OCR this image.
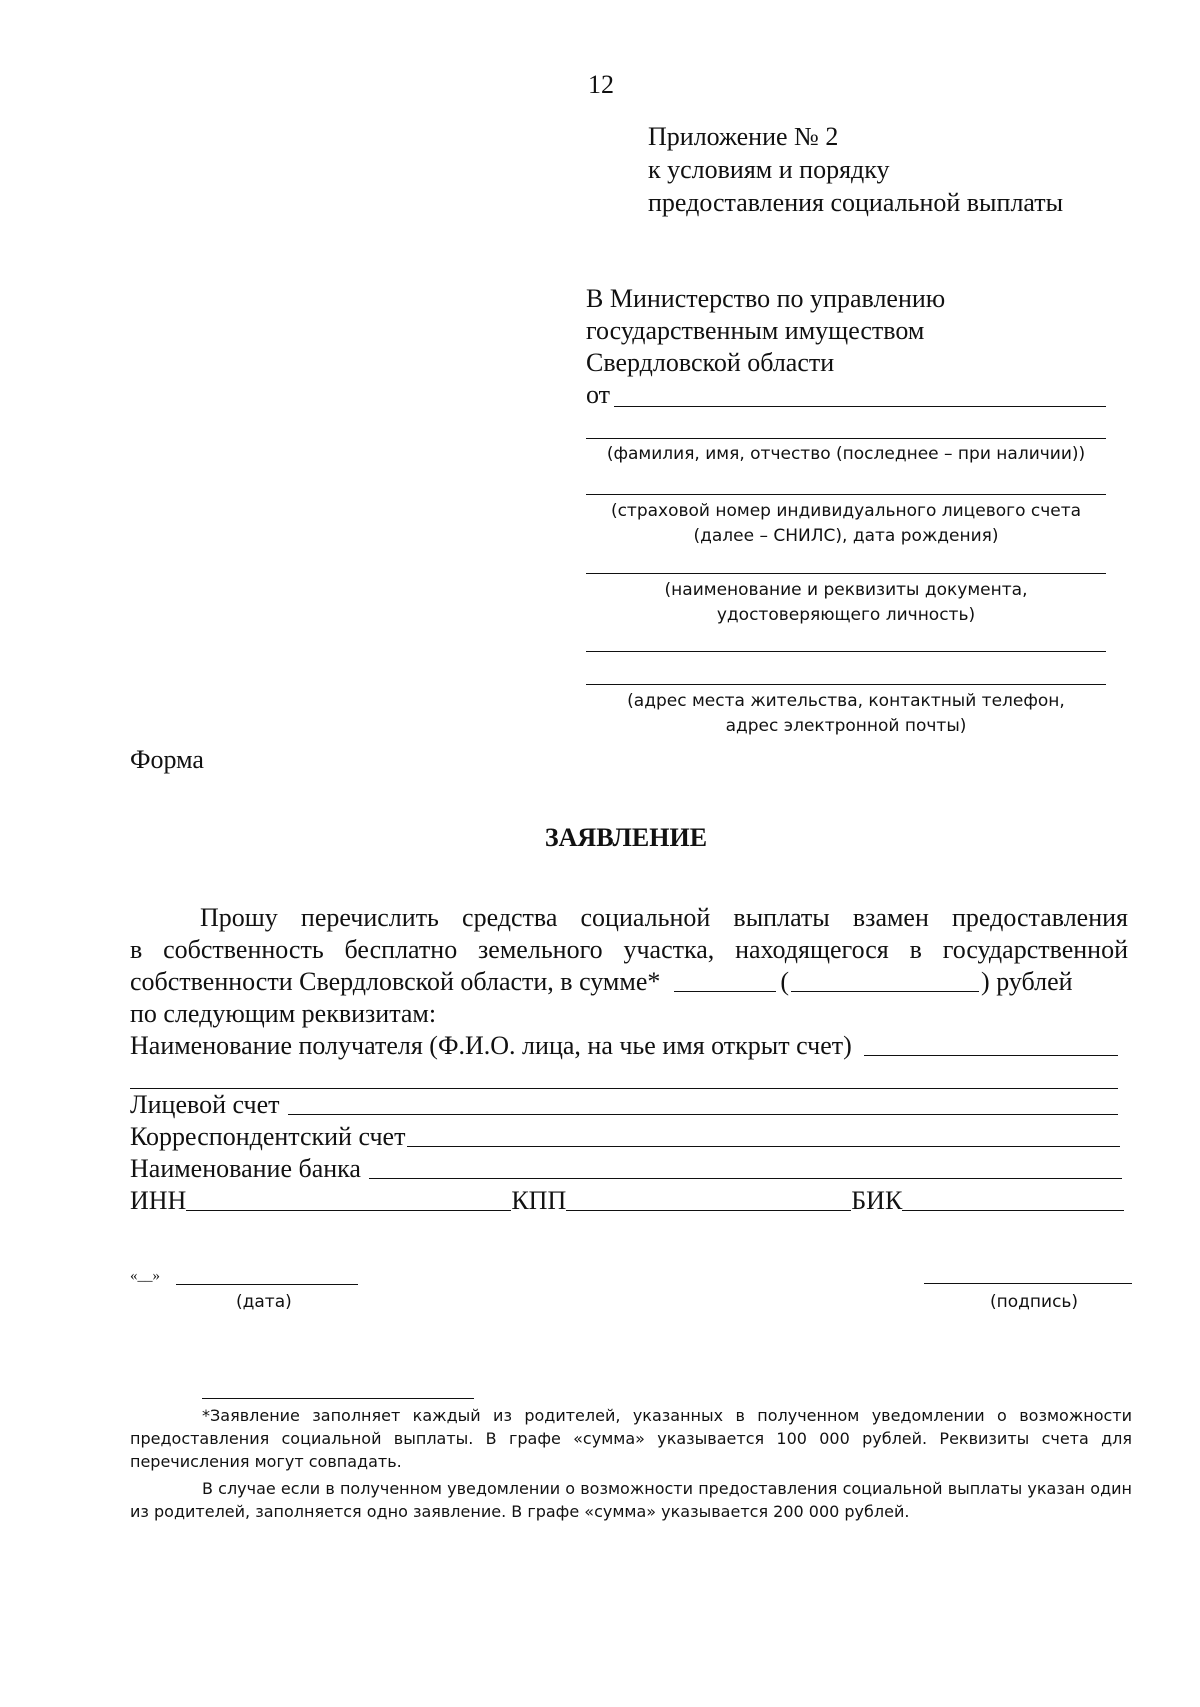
12
Приложение № 2
к условиям и порядку
предоставления социальной выплаты
В Министерство по управлению
государственным имуществом
Свердловской области
от
(фамилия, имя, отчество (последнее – при наличии))
(страховой номер индивидуального лицевого счета
(далее – СНИЛС), дата рождения)
(наименование и реквизиты документа,
удостоверяющего личность)
(адрес места жительства, контактный телефон,
адрес электронной почты)
Форма
ЗАЯВЛЕНИЕ
Прошу перечислить средства социальной выплаты взамен предоставления
в собственность бесплатно земельного участка, находящегося в государственной
собственности Свердловской области, в сумме*	(	) рублей
по следующим реквизитам:
Наименование получателя (Ф.И.О. лица, на чье имя открыт счет)
Лицевой счет
Корреспондентский счет
Наименование банка
ИНН	КПП	БИК
«__»
(дата)	(подпись)
*Заявление заполняет каждый из родителей, указанных в полученном уведомлении о возможности предоставления социальной выплаты. В графе «сумма» указывается 100 000 рублей. Реквизиты счета для перечисления могут совпадать.
В случае если в полученном уведомлении о возможности предоставления социальной выплаты указан один из родителей, заполняется одно заявление. В графе «сумма» указывается 200 000 рублей.
